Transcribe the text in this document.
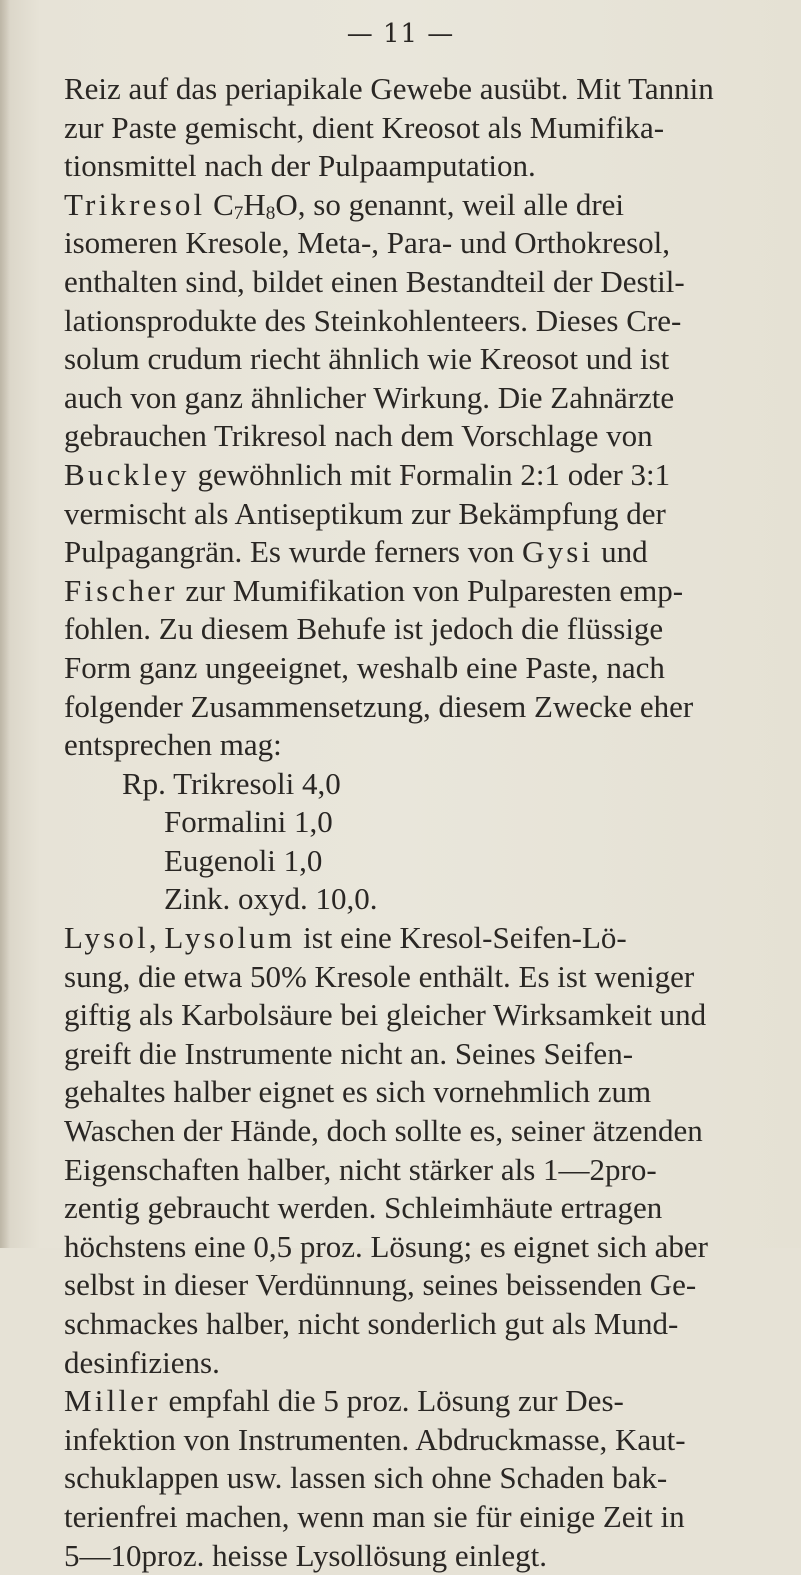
— 11 —
Reiz auf das periapikale Gewebe ausübt. Mit Tannin
zur Paste gemischt, dient Kreosot als Mumifika-
tionsmittel nach der Pulpaamputation.
Trikresol $C_7H_8O$, so genannt, weil alle drei
isomeren Kresole, Meta-, Para- und Orthokresol,
enthalten sind, bildet einen Bestandteil der Destil-
lationsprodukte des Steinkohlenteers. Dieses Cre-
solum crudum riecht ähnlich wie Kreosot und ist
auch von ganz ähnlicher Wirkung. Die Zahnärzte
gebrauchen Trikresol nach dem Vorschlage von
Buckley gewöhnlich mit Formalin 2:1 oder 3:1
vermischt als Antiseptikum zur Bekämpfung der
Pulpagangrän. Es wurde ferners von Gysi und
Fischer zur Mumifikation von Pulparesten emp-
fohlen. Zu diesem Behufe ist jedoch die flüssige
Form ganz ungeeignet, weshalb eine Paste, nach
folgender Zusammensetzung, diesem Zwecke eher
entsprechen mag:
Rp. Trikresoli 4,0
Formalini 1,0
Eugenoli 1,0
Zink. oxyd. 10,0.
Lysol, Lysolum ist eine Kresol-Seifen-Lö-
sung, die etwa 50% Kresole enthält. Es ist weniger
giftig als Karbolsäure bei gleicher Wirksamkeit und
greift die Instrumente nicht an. Seines Seifen-
gehaltes halber eignet es sich vornehmlich zum
Waschen der Hände, doch sollte es, seiner ätzenden
Eigenschaften halber, nicht stärker als 1—2pro-
zentig gebraucht werden. Schleimhäute ertragen
höchstens eine 0,5 proz. Lösung; es eignet sich aber
selbst in dieser Verdünnung, seines beissenden Ge-
schmackes halber, nicht sonderlich gut als Mund-
desinfiziens.
Miller empfahl die 5 proz. Lösung zur Des-
infektion von Instrumenten. Abdruckmasse, Kaut-
schuklappen usw. lassen sich ohne Schaden bak-
terienfrei machen, wenn man sie für einige Zeit in
5—10proz. heisse Lysollösung einlegt.
